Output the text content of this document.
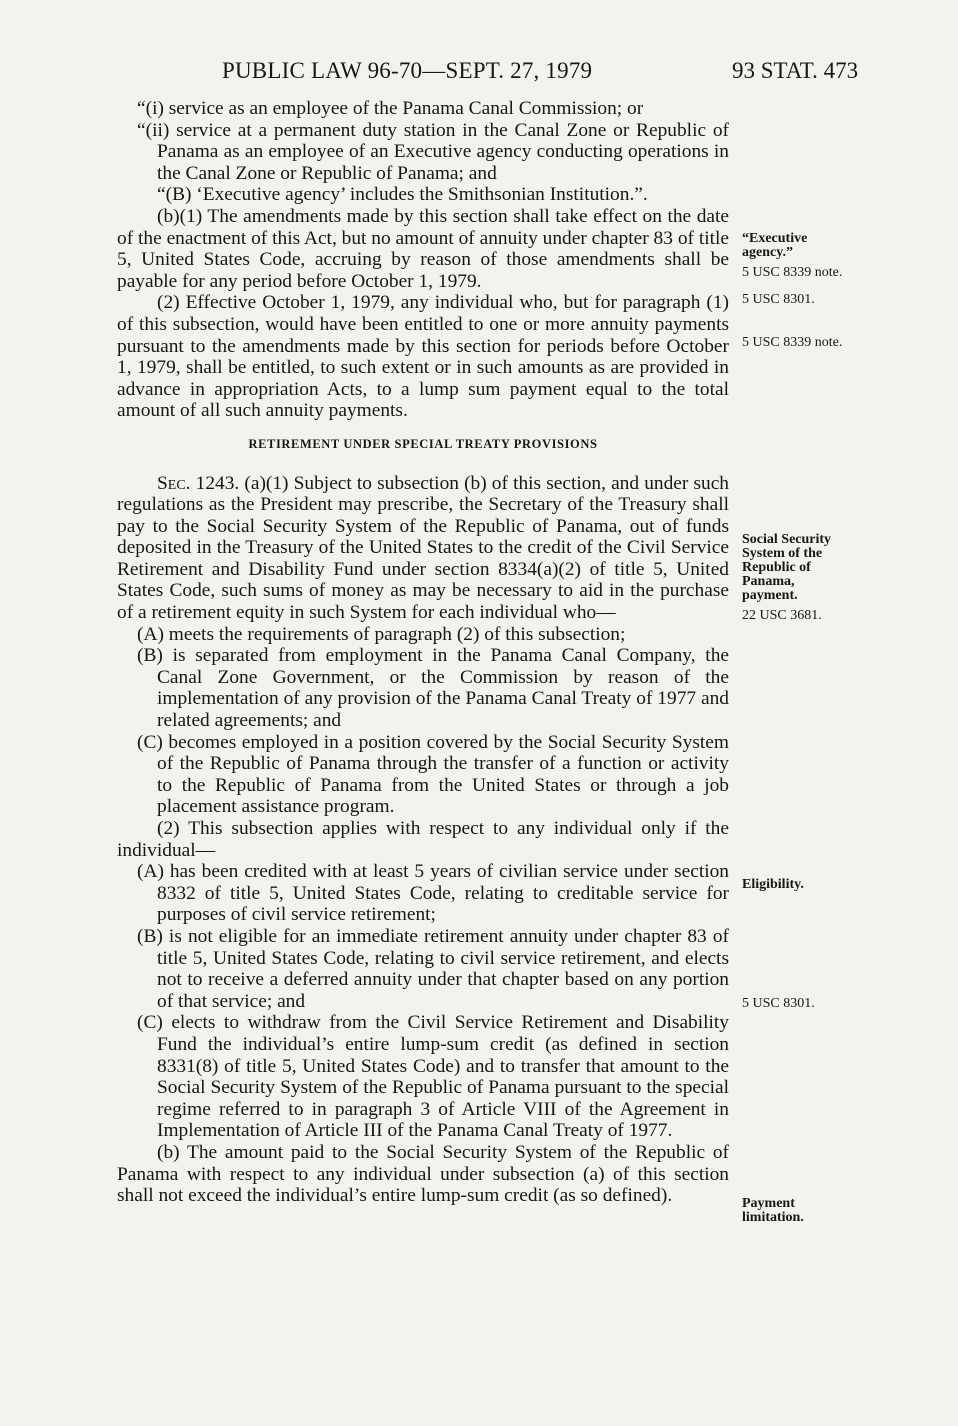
PUBLIC LAW 96-70—SEPT. 27, 1979	93 STAT. 473

“(i) service as an employee of the Panama Canal Commission; or

“(ii) service at a permanent duty station in the Canal Zone or Republic of Panama as an employee of an Executive agency conducting operations in the Canal Zone or Republic of Panama; and

“(B) ‘Executive agency’ includes the Smithsonian Institution.”.

(b)(1) The amendments made by this section shall take effect on the date of the enactment of this Act, but no amount of annuity under chapter 83 of title 5, United States Code, accruing by reason of those amendments shall be payable for any period before October 1, 1979.

(2) Effective October 1, 1979, any individual who, but for paragraph (1) of this subsection, would have been entitled to one or more annuity payments pursuant to the amendments made by this section for periods before October 1, 1979, shall be entitled, to such extent or in such amounts as are provided in advance in appropriation Acts, to a lump sum payment equal to the total amount of all such annuity payments.

RETIREMENT UNDER SPECIAL TREATY PROVISIONS

Sec. 1243. (a)(1) Subject to subsection (b) of this section, and under such regulations as the President may prescribe, the Secretary of the Treasury shall pay to the Social Security System of the Republic of Panama, out of funds deposited in the Treasury of the United States to the credit of the Civil Service Retirement and Disability Fund under section 8334(a)(2) of title 5, United States Code, such sums of money as may be necessary to aid in the purchase of a retirement equity in such System for each individual who—

(A) meets the requirements of paragraph (2) of this subsection;

(B) is separated from employment in the Panama Canal Company, the Canal Zone Government, or the Commission by reason of the implementation of any provision of the Panama Canal Treaty of 1977 and related agreements; and

(C) becomes employed in a position covered by the Social Security System of the Republic of Panama through the transfer of a function or activity to the Republic of Panama from the United States or through a job placement assistance program.

(2) This subsection applies with respect to any individual only if the individual—

(A) has been credited with at least 5 years of civilian service under section 8332 of title 5, United States Code, relating to creditable service for purposes of civil service retirement;

(B) is not eligible for an immediate retirement annuity under chapter 83 of title 5, United States Code, relating to civil service retirement, and elects not to receive a deferred annuity under that chapter based on any portion of that service; and

(C) elects to withdraw from the Civil Service Retirement and Disability Fund the individual’s entire lump-sum credit (as defined in section 8331(8) of title 5, United States Code) and to transfer that amount to the Social Security System of the Republic of Panama pursuant to the special regime referred to in paragraph 3 of Article VIII of the Agreement in Implementation of Article III of the Panama Canal Treaty of 1977.

(b) The amount paid to the Social Security System of the Republic of Panama with respect to any individual under subsection (a) of this section shall not exceed the individual’s entire lump-sum credit (as so defined).

“Executive agency.”
5 USC 8339 note.
5 USC 8301.
5 USC 8339 note.
Social Security System of the Republic of Panama, payment.
22 USC 3681.
Eligibility.
5 USC 8301.
Payment limitation.
